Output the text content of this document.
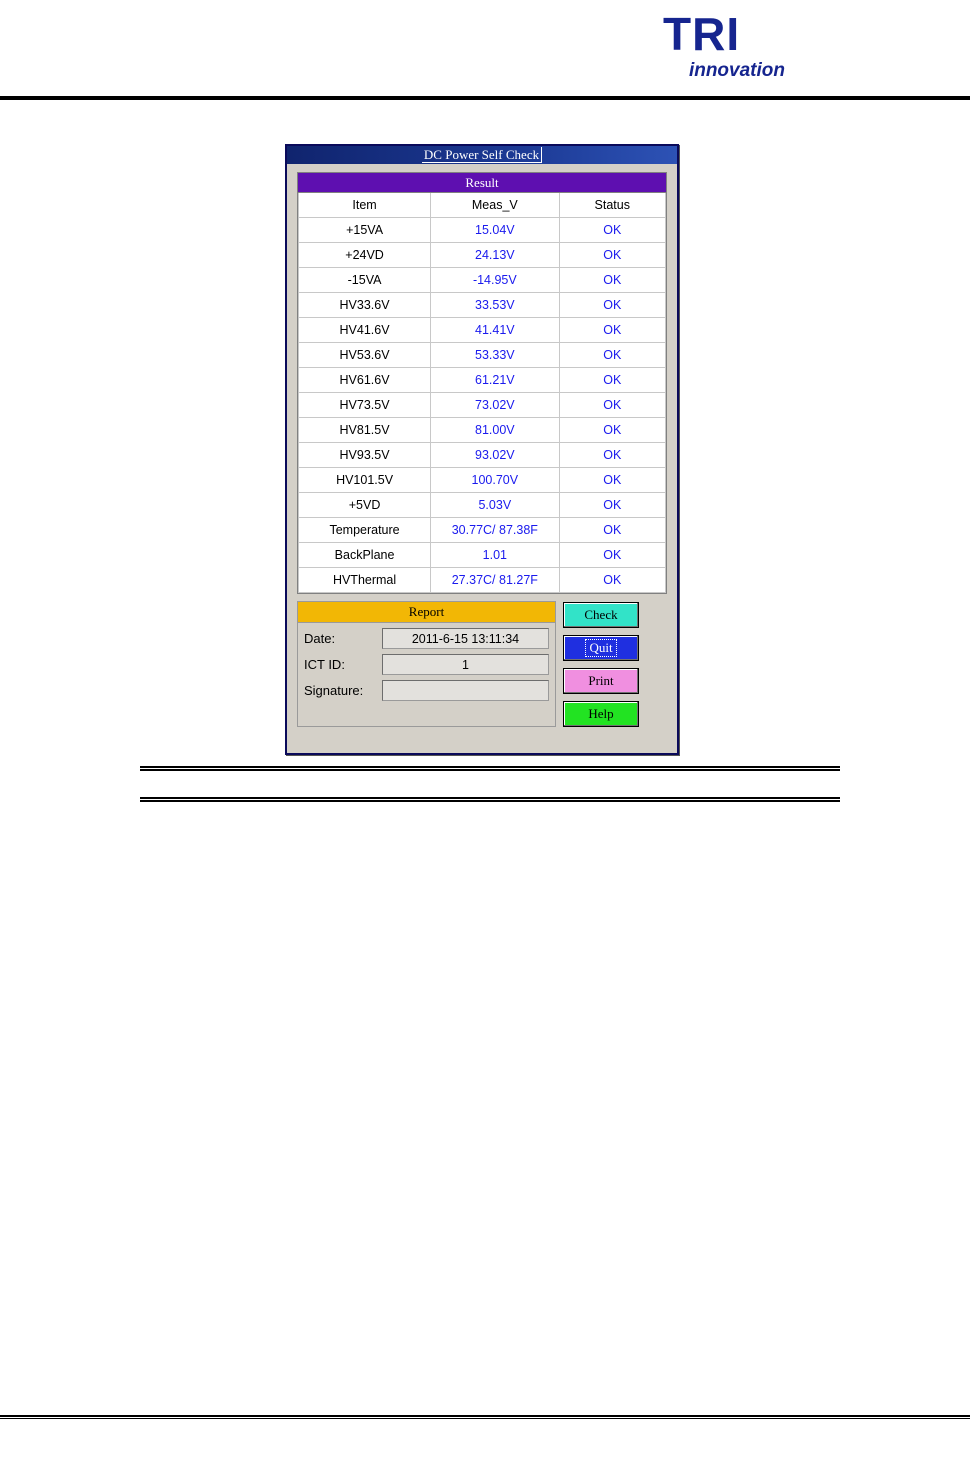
TRI
innovation
DC Power Self Check
Result
Item	Meas_V	Status
+15VA	15.04V	OK
+24VD	24.13V	OK
-15VA	-14.95V	OK
HV33.6V	33.53V	OK
HV41.6V	41.41V	OK
HV53.6V	53.33V	OK
HV61.6V	61.21V	OK
HV73.5V	73.02V	OK
HV81.5V	81.00V	OK
HV93.5V	93.02V	OK
HV101.5V	100.70V	OK
+5VD	5.03V	OK
Temperature	30.77C/ 87.38F	OK
BackPlane	1.01	OK
HVThermal	27.37C/ 81.27F	OK
Report
Date:	2011-6-15 13:11:34
ICT ID:	1
Signature:
Check
Quit
Print
Help
